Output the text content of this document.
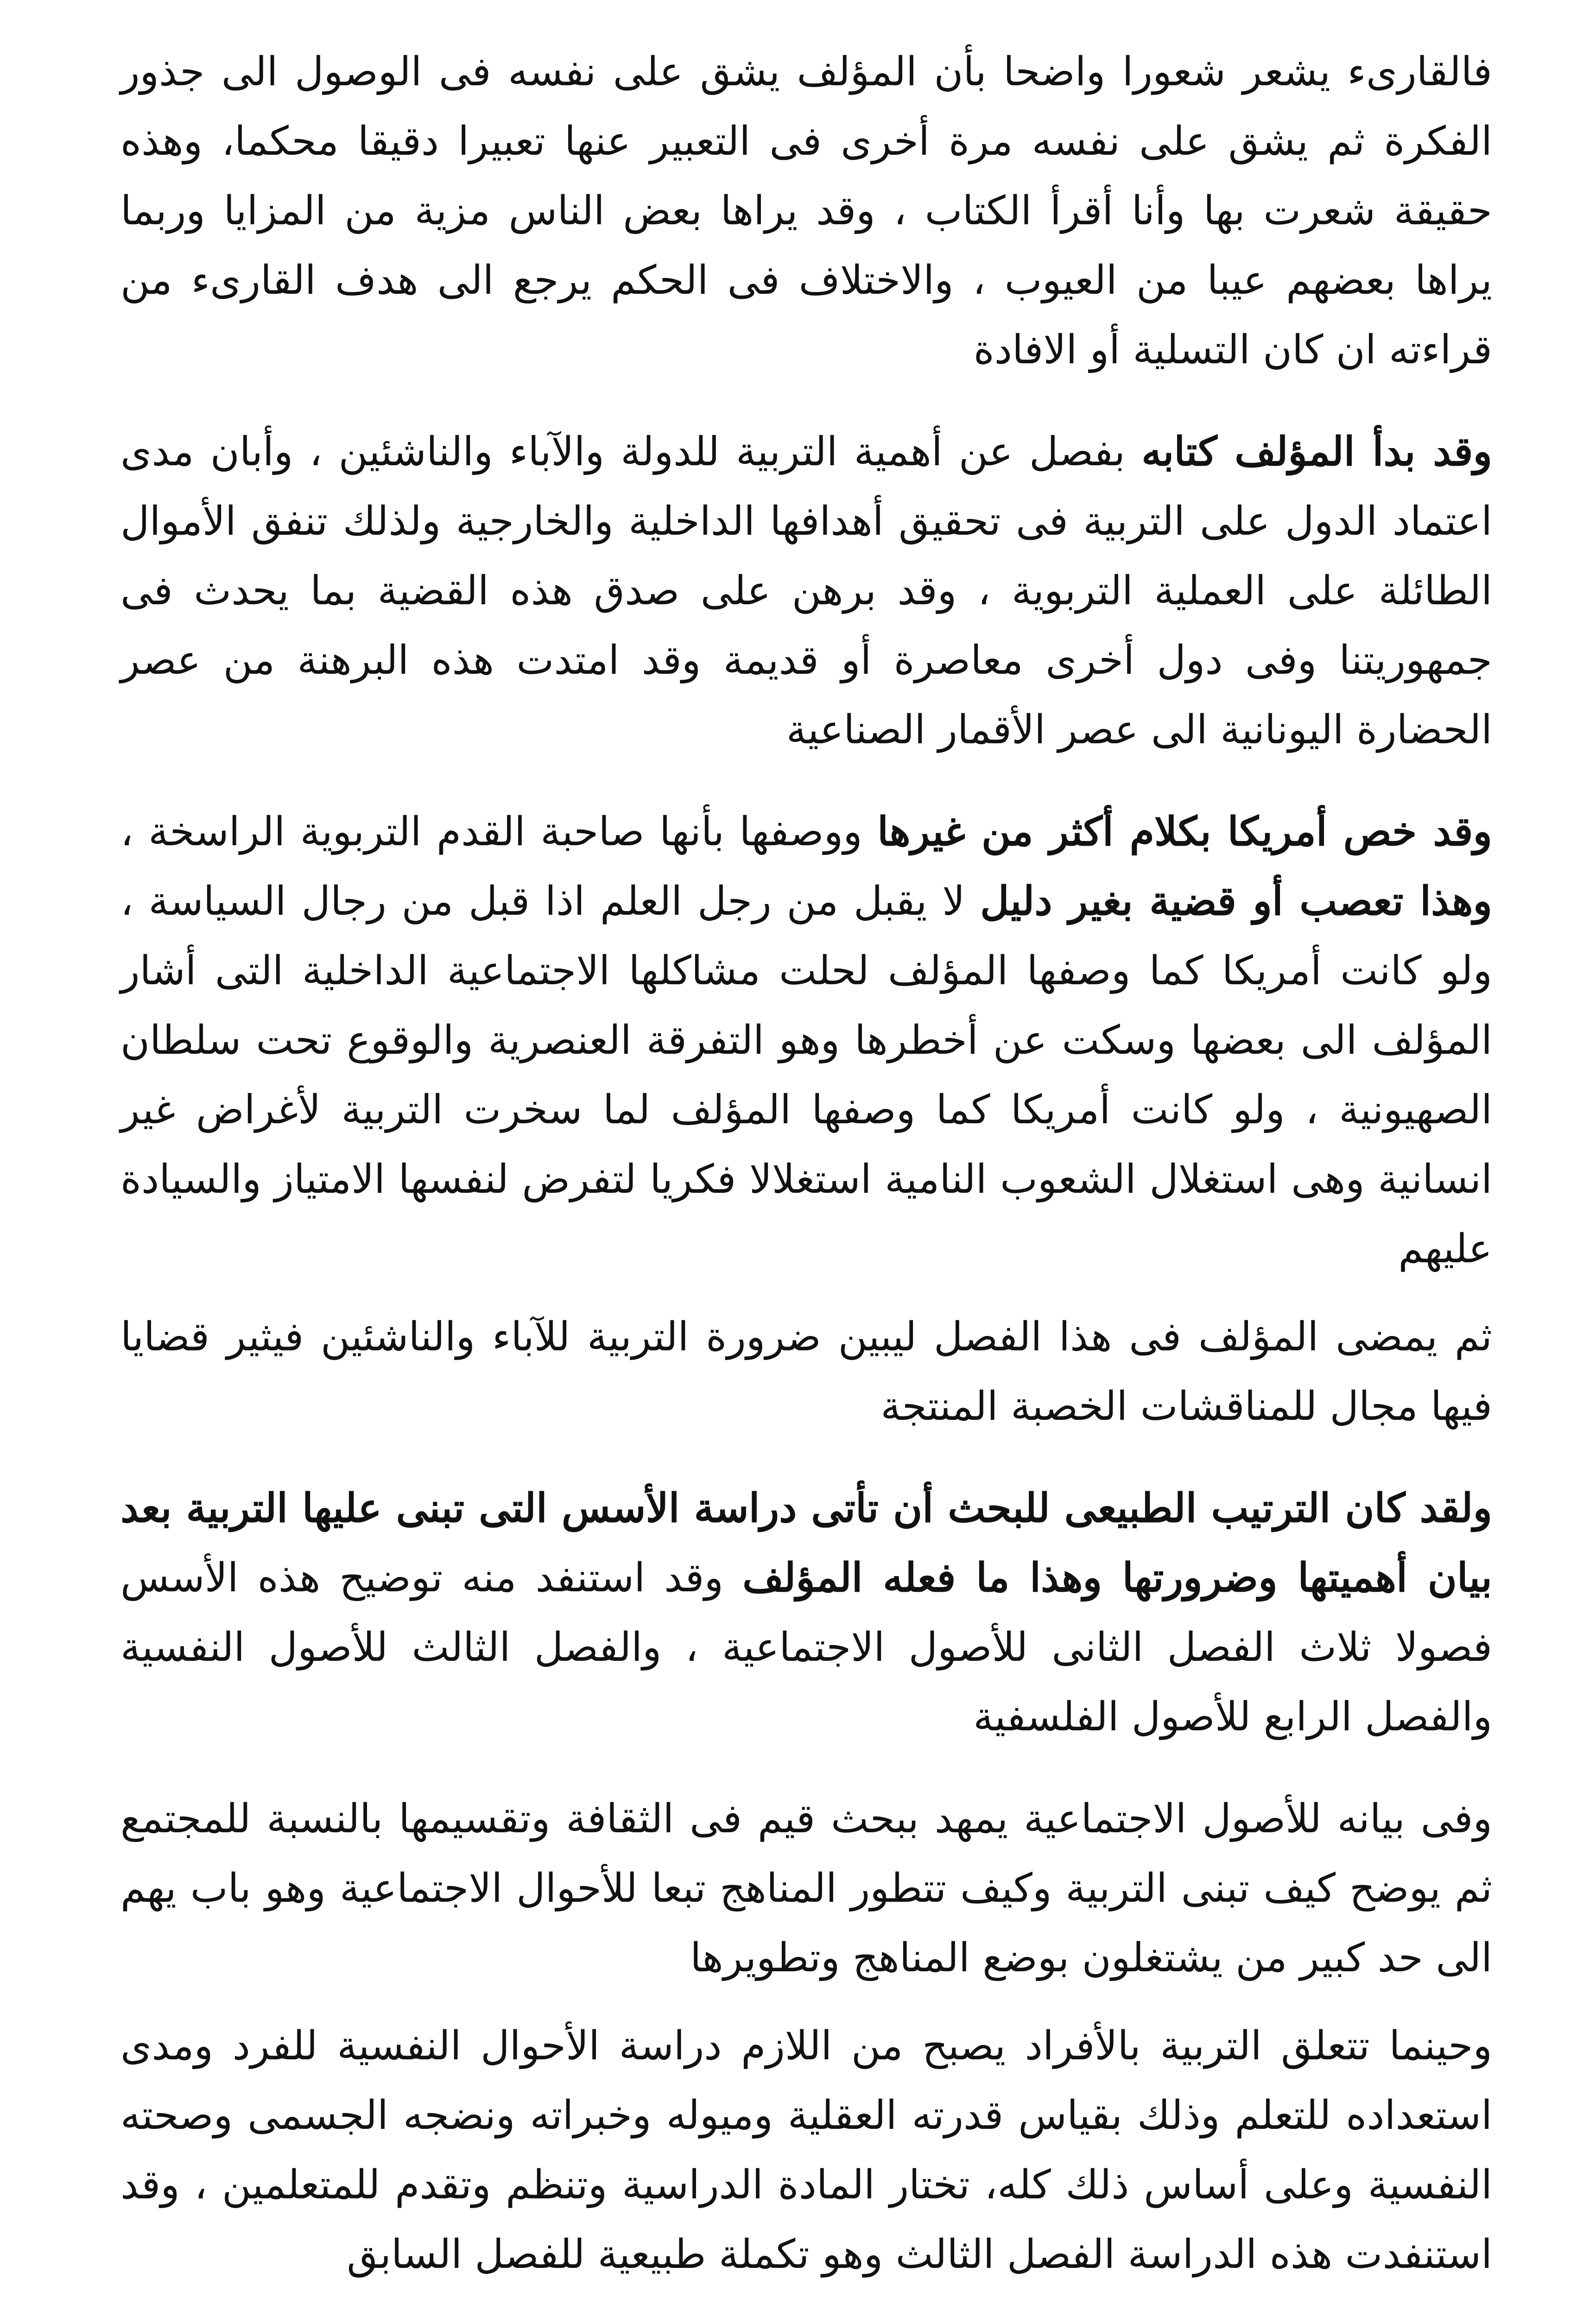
فالقارىء يشعر شعورا واضحا بأن المؤلف يشق على نفسه فى الوصول الى جذور الفكرة ثم يشق على نفسه مرة أخرى فى التعبير عنها تعبيرا دقيقا محكما، وهذه حقيقة شعرت بها وأنا أقرأ الكتاب ، وقد يراها بعض الناس مزية من المزايا وربما يراها بعضهم عيبا من العيوب ، والاختلاف فى الحكم يرجع الى هدف القارىء من قراءته ان كان التسلية أو الافادة

وقد بدأ المؤلف كتابه بفصل عن أهمية التربية للدولة والآباء والناشئين ، وأبان مدى اعتماد الدول على التربية فى تحقيق أهدافها الداخلية والخارجية ولذلك تنفق الأموال الطائلة على العملية التربوية ، وقد برهن على صدق هذه القضية بما يحدث فى جمهوريتنا وفى دول أخرى معاصرة أو قديمة وقد امتدت هذه البرهنة من عصر الحضارة اليونانية الى عصر الأقمار الصناعية

وقد خص أمريكا بكلام أكثر من غيرها ووصفها بأنها صاحبة القدم التربوية الراسخة ، وهذا تعصب أو قضية بغير دليل لا يقبل من رجل العلم اذا قبل من رجال السياسة ، ولو كانت أمريكا كما وصفها المؤلف لحلت مشاكلها الاجتماعية الداخلية التى أشار المؤلف الى بعضها وسكت عن أخطرها وهو التفرقة العنصرية والوقوع تحت سلطان الصهيونية ، ولو كانت أمريكا كما وصفها المؤلف لما سخرت التربية لأغراض غير انسانية وهى استغلال الشعوب النامية استغلالا فكريا لتفرض لنفسها الامتياز والسيادة عليهم

ثم يمضى المؤلف فى هذا الفصل ليبين ضرورة التربية للآباء والناشئين فيثير قضايا فيها مجال للمناقشات الخصبة المنتجة

ولقد كان الترتيب الطبيعى للبحث أن تأتى دراسة الأسس التى تبنى عليها التربية بعد بيان أهميتها وضرورتها وهذا ما فعله المؤلف وقد استنفد منه توضيح هذه الأسس فصولا ثلاث الفصل الثانى للأصول الاجتماعية ، والفصل الثالث للأصول النفسية والفصل الرابع للأصول الفلسفية

وفى بيانه للأصول الاجتماعية يمهد ببحث قيم فى الثقافة وتقسيمها بالنسبة للمجتمع ثم يوضح كيف تبنى التربية وكيف تتطور المناهج تبعا للأحوال الاجتماعية وهو باب يهم الى حد كبير من يشتغلون بوضع المناهج وتطويرها

وحينما تتعلق التربية بالأفراد يصبح من اللازم دراسة الأحوال النفسية للفرد ومدى استعداده للتعلم وذلك بقياس قدرته العقلية وميوله وخبراته ونضجه الجسمى وصحته النفسية وعلى أساس ذلك كله، تختار المادة الدراسية وتنظم وتقدم للمتعلمين ، وقد استنفدت هذه الدراسة الفصل الثالث وهو تكملة طبيعية للفصل السابق
